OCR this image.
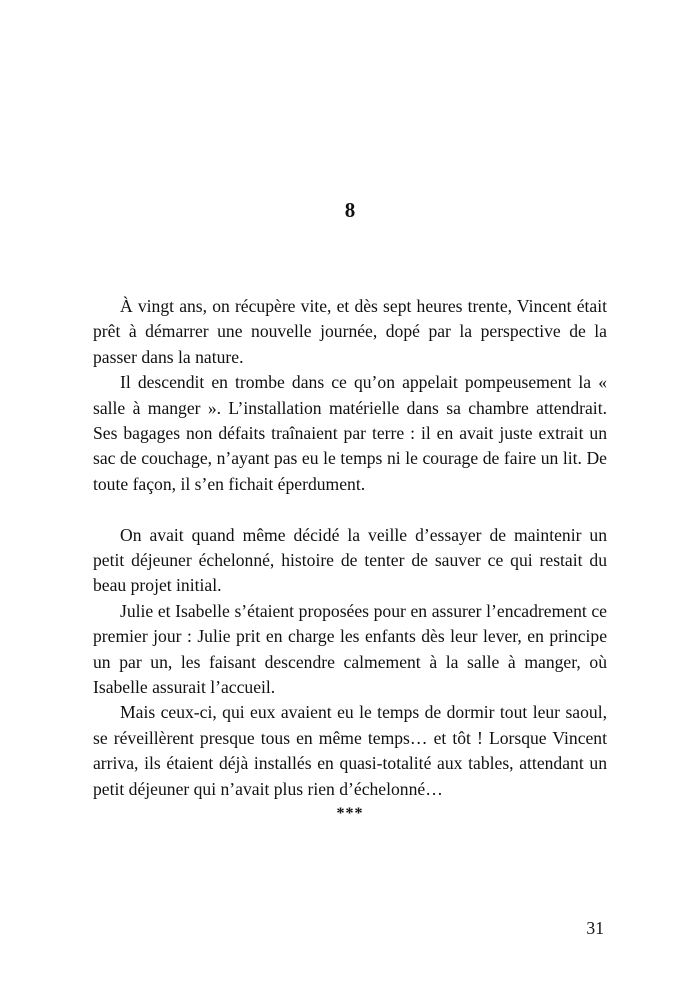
8

À vingt ans, on récupère vite, et dès sept heures trente, Vincent était prêt à démarrer une nouvelle journée, dopé par la perspective de la passer dans la nature.

Il descendit en trombe dans ce qu’on appelait pompeusement la « salle à manger ». L’installation matérielle dans sa chambre attendrait. Ses bagages non défaits traînaient par terre : il en avait juste extrait un sac de couchage, n’ayant pas eu le temps ni le courage de faire un lit. De toute façon, il s’en fichait éperdument.

On avait quand même décidé la veille d’essayer de maintenir un petit déjeuner échelonné, histoire de tenter de sauver ce qui restait du beau projet initial.

Julie et Isabelle s’étaient proposées pour en assurer l’encadrement ce premier jour : Julie prit en charge les enfants dès leur lever, en principe un par un, les faisant descendre calmement à la salle à manger, où Isabelle assurait l’accueil.

Mais ceux-ci, qui eux avaient eu le temps de dormir tout leur saoul, se réveillèrent presque tous en même temps… et tôt ! Lorsque Vincent arriva, ils étaient déjà installés en quasi-totalité aux tables, attendant un petit déjeuner qui n’avait plus rien d’échelonné…

***
31
